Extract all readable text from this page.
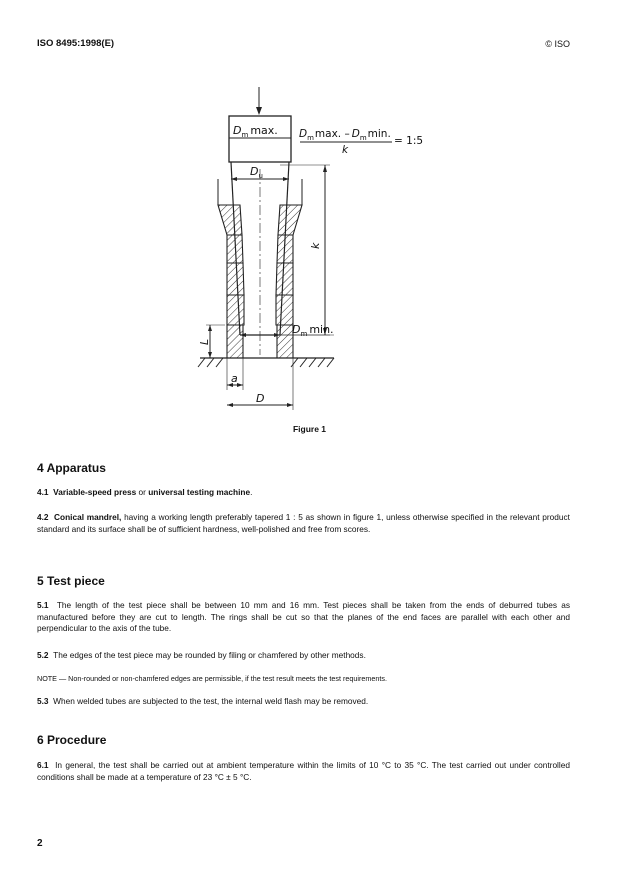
ISO 8495:1998(E)	© ISO
$D_m$ max. $D_m\max$. – $D_m\min$.
k
= 1:5
$D_u$
k
$D_m$ min.
L
a
D
Figure 1
4 Apparatus
4.1 Variable-speed press or universal testing machine.
4.2 Conical mandrel, having a working length preferably tapered 1 : 5 as shown in figure 1, unless otherwise specified in the relevant product standard and its surface shall be of sufficient hardness, well-polished and free from scores.
5 Test piece
5.1 The length of the test piece shall be between 10 mm and 16 mm. Test pieces shall be taken from the ends of deburred tubes as manufactured before they are cut to length. The rings shall be cut so that the planes of the end faces are parallel with each other and perpendicular to the axis of the tube.
5.2 The edges of the test piece may be rounded by filing or chamfered by other methods.
NOTE — Non-rounded or non-chamfered edges are permissible, if the test result meets the test requirements.
5.3 When welded tubes are subjected to the test, the internal weld flash may be removed.
6 Procedure
6.1 In general, the test shall be carried out at ambient temperature within the limits of 10 °C to 35 °C. The test carried out under controlled conditions shall be made at a temperature of 23 °C ± 5 °C.
2
